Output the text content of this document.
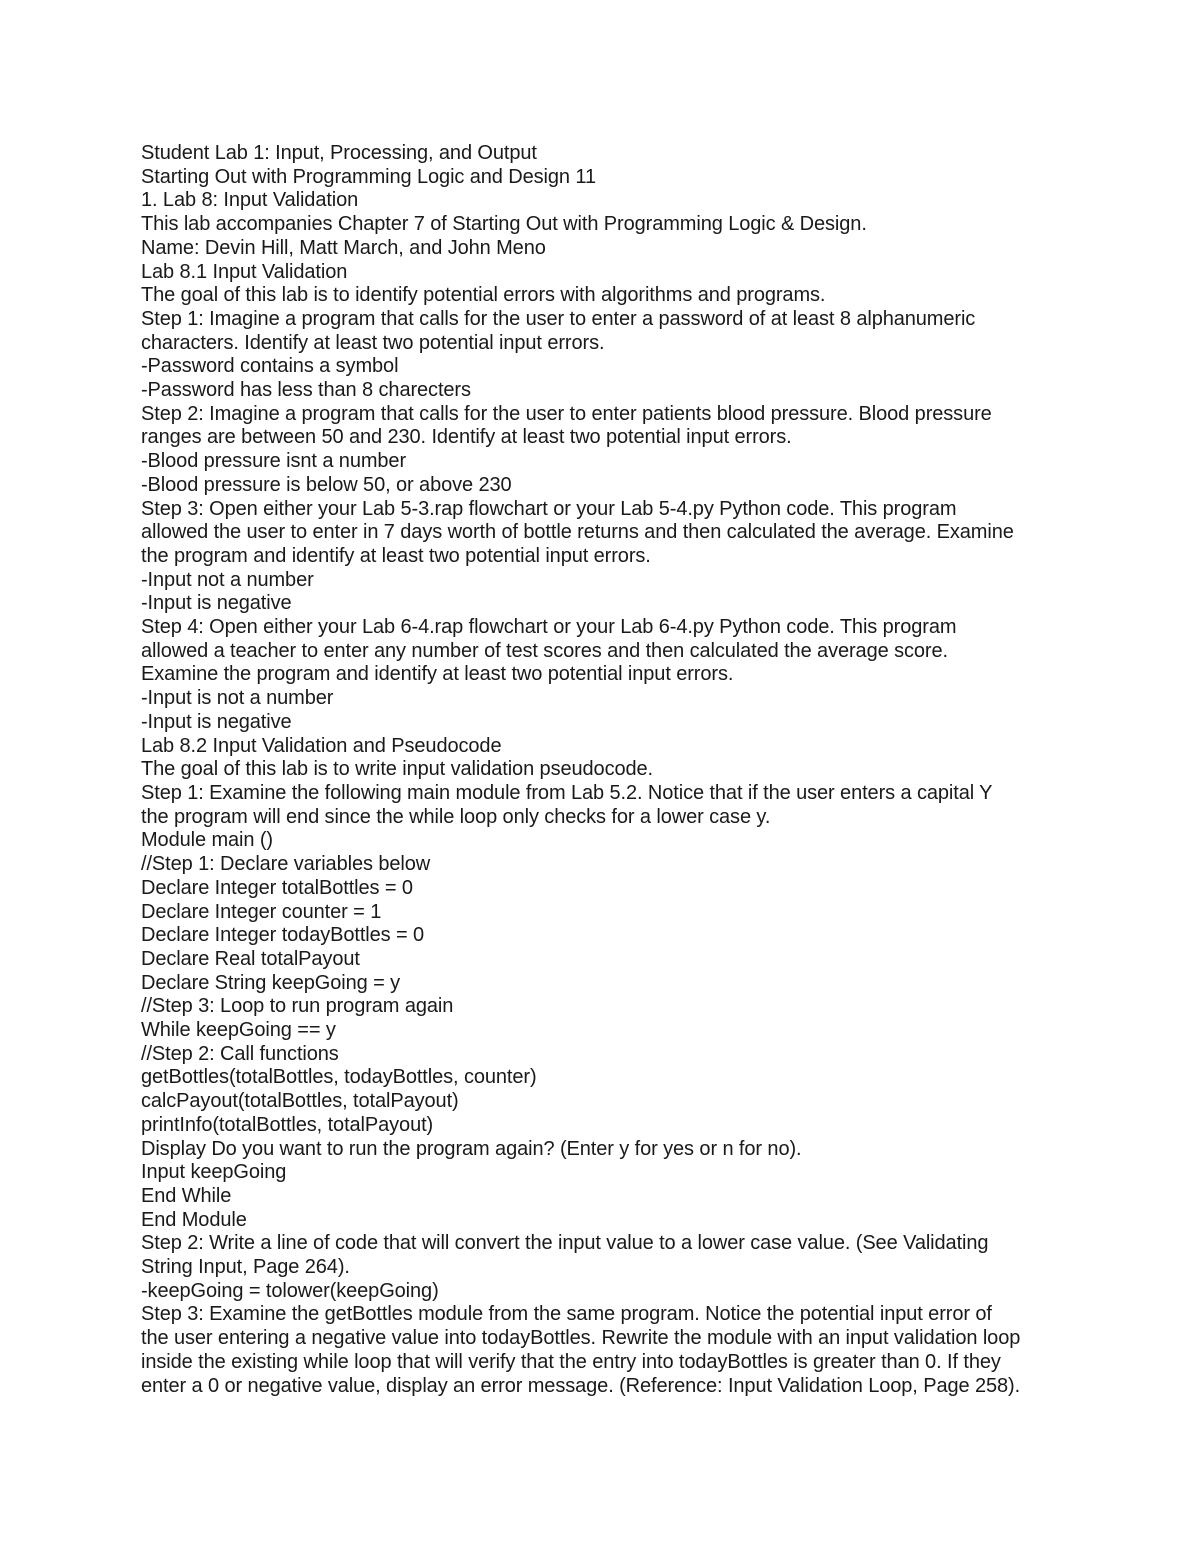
Student Lab 1: Input, Processing, and Output
Starting Out with Programming Logic and Design 11
1. Lab 8: Input Validation
This lab accompanies Chapter 7 of Starting Out with Programming Logic & Design.
Name: Devin Hill, Matt March, and John Meno
Lab 8.1 Input Validation
The goal of this lab is to identify potential errors with algorithms and programs.
Step 1: Imagine a program that calls for the user to enter a password of at least 8 alphanumeric
characters. Identify at least two potential input errors.
-Password contains a symbol
-Password has less than 8 charecters
Step 2: Imagine a program that calls for the user to enter patients blood pressure. Blood pressure
ranges are between 50 and 230. Identify at least two potential input errors.
-Blood pressure isnt a number
-Blood pressure is below 50, or above 230
Step 3: Open either your Lab 5-3.rap flowchart or your Lab 5-4.py Python code. This program
allowed the user to enter in 7 days worth of bottle returns and then calculated the average. Examine
the program and identify at least two potential input errors.
-Input not a number
-Input is negative
Step 4: Open either your Lab 6-4.rap flowchart or your Lab 6-4.py Python code. This program
allowed a teacher to enter any number of test scores and then calculated the average score.
Examine the program and identify at least two potential input errors.
-Input is not a number
-Input is negative
Lab 8.2 Input Validation and Pseudocode
The goal of this lab is to write input validation pseudocode.
Step 1: Examine the following main module from Lab 5.2. Notice that if the user enters a capital Y
the program will end since the while loop only checks for a lower case y.
Module main ()
//Step 1: Declare variables below
Declare Integer totalBottles = 0
Declare Integer counter = 1
Declare Integer todayBottles = 0
Declare Real totalPayout
Declare String keepGoing = y
//Step 3: Loop to run program again
While keepGoing == y
//Step 2: Call functions
getBottles(totalBottles, todayBottles, counter)
calcPayout(totalBottles, totalPayout)
printInfo(totalBottles, totalPayout)
Display Do you want to run the program again? (Enter y for yes or n for no).
Input keepGoing
End While
End Module
Step 2: Write a line of code that will convert the input value to a lower case value. (See Validating
String Input, Page 264).
-keepGoing = tolower(keepGoing)
Step 3: Examine the getBottles module from the same program. Notice the potential input error of
the user entering a negative value into todayBottles. Rewrite the module with an input validation loop
inside the existing while loop that will verify that the entry into todayBottles is greater than 0. If they
enter a 0 or negative value, display an error message. (Reference: Input Validation Loop, Page 258).
